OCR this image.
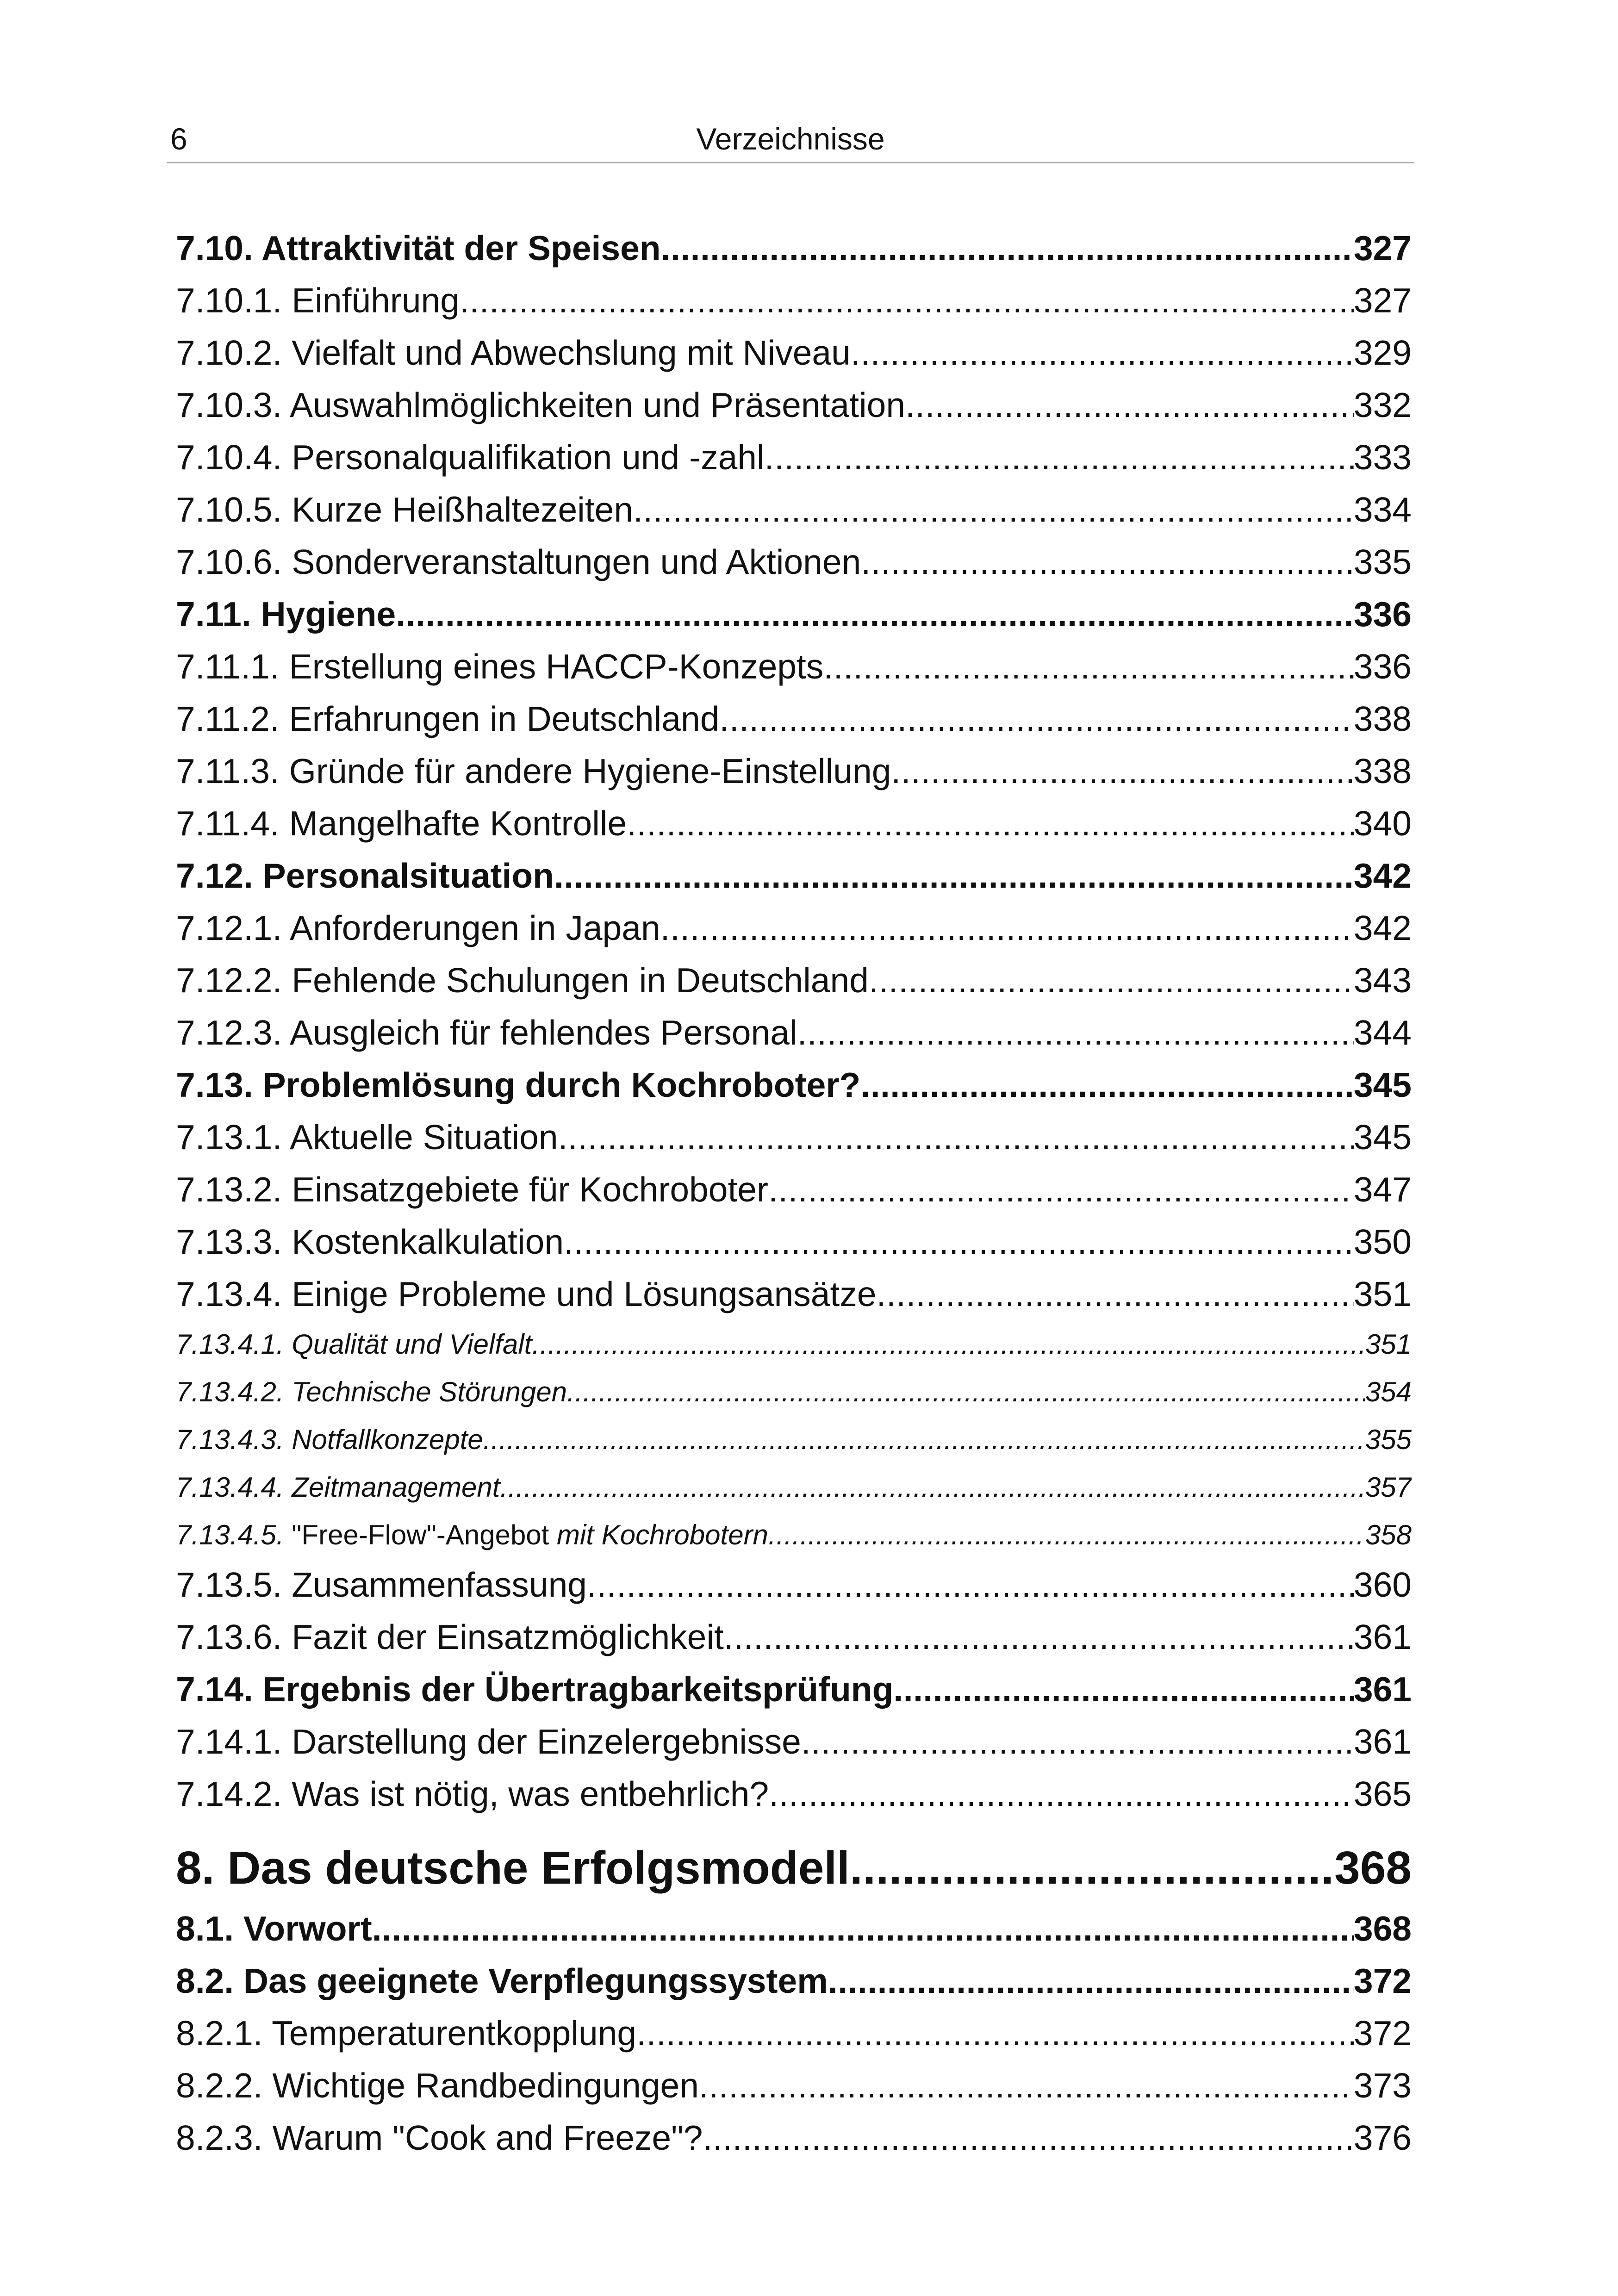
6	Verzeichnisse
7.10. Attraktivität der Speisen .....	327
7.10.1. Einführung .....	327
7.10.2. Vielfalt und Abwechslung mit Niveau .....	329
7.10.3. Auswahlmöglichkeiten und Präsentation .....	332
7.10.4. Personalqualifikation und -zahl .....	333
7.10.5. Kurze Heißhaltezeiten .....	334
7.10.6. Sonderveranstaltungen und Aktionen .....	335
7.11. Hygiene .....	336
7.11.1. Erstellung eines HACCP-Konzepts .....	336
7.11.2. Erfahrungen in Deutschland .....	338
7.11.3. Gründe für andere Hygiene-Einstellung .....	338
7.11.4. Mangelhafte Kontrolle .....	340
7.12. Personalsituation .....	342
7.12.1. Anforderungen in Japan .....	342
7.12.2. Fehlende Schulungen in Deutschland .....	343
7.12.3. Ausgleich für fehlendes Personal .....	344
7.13. Problemlösung durch Kochroboter? .....	345
7.13.1. Aktuelle Situation .....	345
7.13.2. Einsatzgebiete für Kochroboter .....	347
7.13.3. Kostenkalkulation .....	350
7.13.4. Einige Probleme und Lösungsansätze .....	351
7.13.4.1. Qualität und Vielfalt .....	351
7.13.4.2. Technische Störungen .....	354
7.13.4.3. Notfallkonzepte .....	355
7.13.4.4. Zeitmanagement .....	357
7.13.4.5. "Free-Flow"-Angebot mit Kochrobotern .....	358
7.13.5. Zusammenfassung .....	360
7.13.6. Fazit der Einsatzmöglichkeit .....	361
7.14. Ergebnis der Übertragbarkeitsprüfung .....	361
7.14.1. Darstellung der Einzelergebnisse .....	361
7.14.2. Was ist nötig, was entbehrlich? .....	365
8. Das deutsche Erfolgsmodell .....	368
8.1. Vorwort .....	368
8.2. Das geeignete Verpflegungssystem .....	372
8.2.1. Temperaturentkopplung .....	372
8.2.2. Wichtige Randbedingungen .....	373
8.2.3. Warum "Cook and Freeze"? .....	376
